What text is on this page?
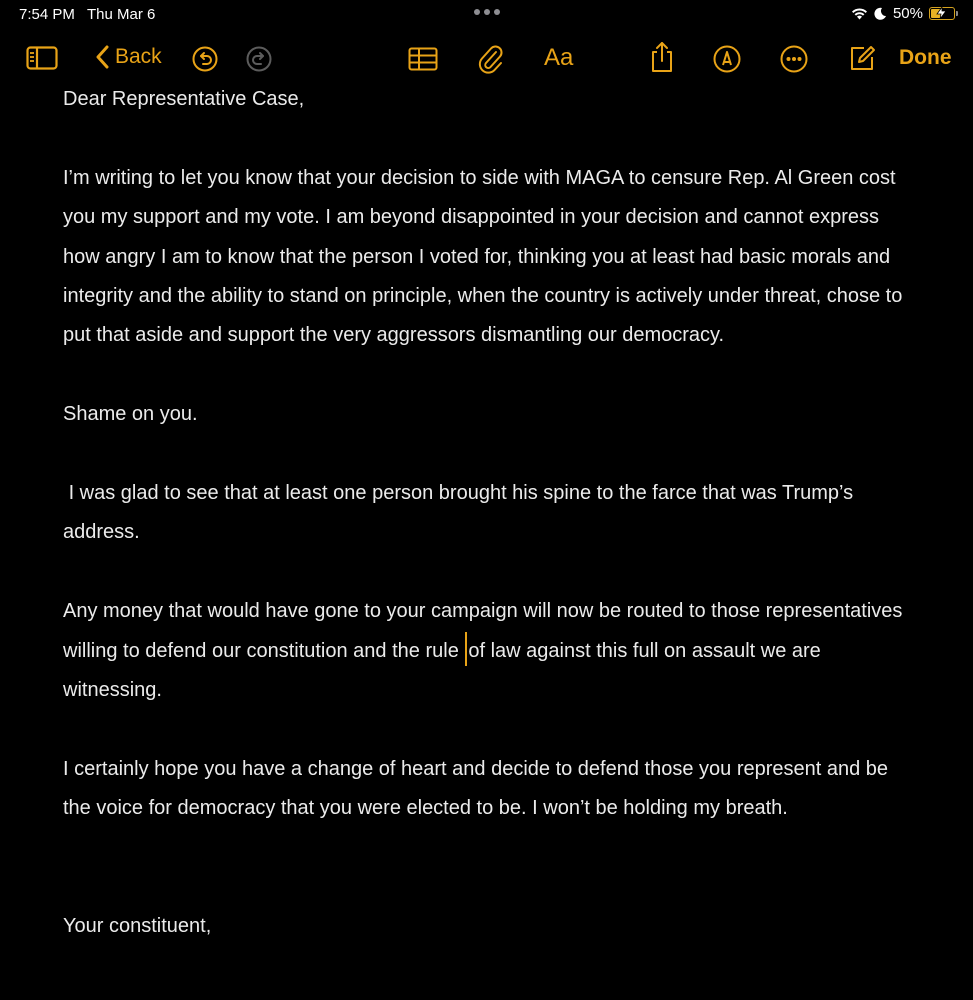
7:54 PM Thu Mar 6	50%
Back	Aa	Done

Dear Representative Case,

I’m writing to let you know that your decision to side with MAGA to censure Rep. Al Green cost you my support and my vote. I am beyond disappointed in your decision and cannot express how angry I am to know that the person I voted for, thinking you at least had basic morals and integrity and the ability to stand on principle, when the country is actively under threat, chose to put that aside and support the very aggressors dismantling our democracy.

Shame on you.

I was glad to see that at least one person brought his spine to the farce that was Trump’s address.

Any money that would have gone to your campaign will now be routed to those representatives willing to defend our constitution and the rule of law against this full on assault we are witnessing.

I certainly hope you have a change of heart and decide to defend those you represent and be the voice for democracy that you were elected to be. I won’t be holding my breath.

Your constituent,
